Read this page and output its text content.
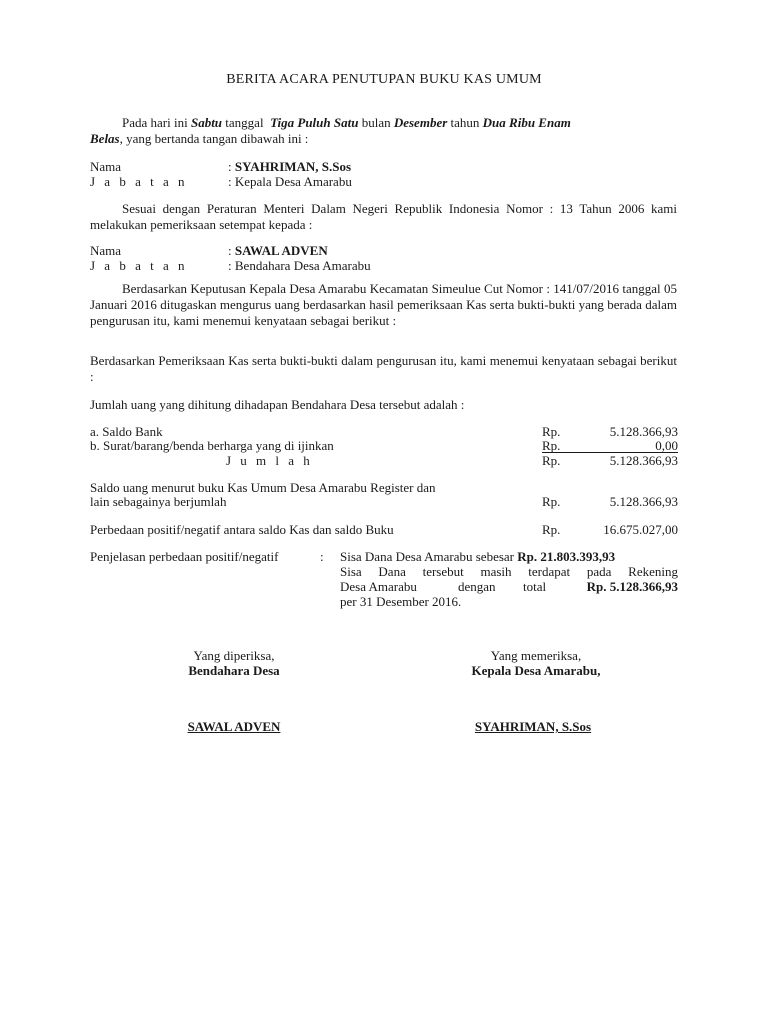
BERITA ACARA PENUTUPAN BUKU KAS UMUM
Pada hari ini Sabtu tanggal Tiga Puluh Satu bulan Desember tahun Dua Ribu Enam
Belas, yang bertanda tangan dibawah ini :
Nama	: SYAHRIMAN, S.Sos
J a b a t a n	: Kepala Desa Amarabu
Sesuai dengan Peraturan Menteri Dalam Negeri Republik Indonesia Nomor : 13 Tahun 2006 kami melakukan pemeriksaan setempat kepada :
Nama	: SAWAL ADVEN
J a b a t a n	: Bendahara Desa Amarabu
Berdasarkan Keputusan Kepala Desa Amarabu Kecamatan Simeulue Cut Nomor : 141/07/2016 tanggal 05 Januari 2016 ditugaskan mengurus uang berdasarkan hasil pemeriksaan Kas serta bukti-bukti yang berada dalam pengurusan itu, kami menemui kenyataan sebagai berikut :
Berdasarkan Pemeriksaan Kas serta bukti-bukti dalam pengurusan itu, kami menemui kenyataan sebagai berikut :
Jumlah uang yang dihitung dihadapan Bendahara Desa tersebut adalah :
a. Saldo Bank	Rp.	5.128.366,93
b. Surat/barang/benda berharga yang di ijinkan	Rp.	0,00
J u m l a h	Rp.	5.128.366,93
Saldo uang menurut buku Kas Umum Desa Amarabu Register dan
lain sebagainya berjumlah	Rp.	5.128.366,93
Perbedaan positif/negatif antara saldo Kas dan saldo Buku	Rp.	16.675.027,00
Penjelasan perbedaan positif/negatif	: Sisa Dana Desa Amarabu sebesar Rp. 21.803.393,93
Sisa Dana tersebut masih terdapat pada Rekening
Desa Amarabu	dengan total	Rp. 5.128.366,93
per 31 Desember 2016.
Yang diperiksa,
Bendahara Desa
SAWAL ADVEN
Yang memeriksa,
Kepala Desa Amarabu,
SYAHRIMAN, S.Sos
